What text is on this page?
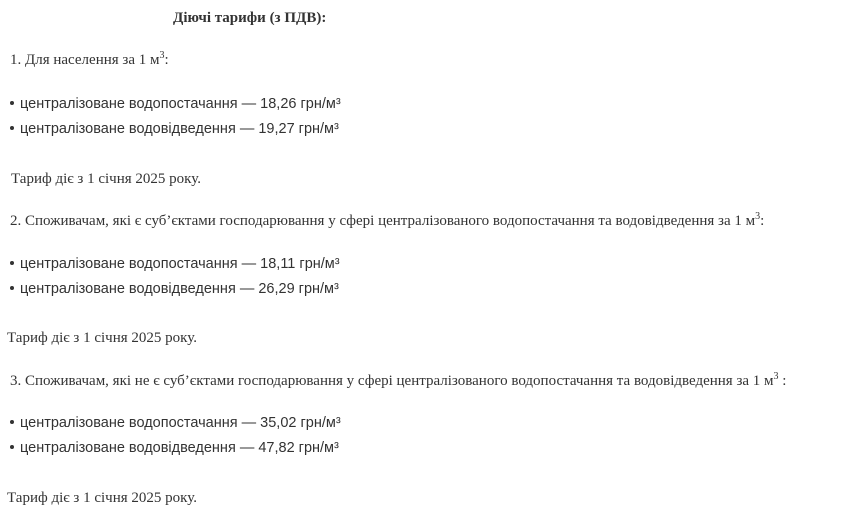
Діючі тарифи (з ПДВ):
1. Для населення за 1 $м^3$:
централізоване водопостачання — 18,26 грн/м³
централізоване водовідведення — 19,27 грн/м³
Тариф діє з 1 січня 2025 року.
2. Споживачам, які є суб’єктами господарювання у сфері централізованого водопостачання та водовідведення за 1 $м^3$:
централізоване водопостачання — 18,11 грн/м³
централізоване водовідведення — 26,29 грн/м³
Тариф діє з 1 січня 2025 року.
3. Споживачам, які не є суб’єктами господарювання у сфері централізованого водопостачання та водовідведення за 1 $м^3$ :
централізоване водопостачання — 35,02 грн/м³
централізоване водовідведення — 47,82 грн/м³
Тариф діє з 1 січня 2025 року.
